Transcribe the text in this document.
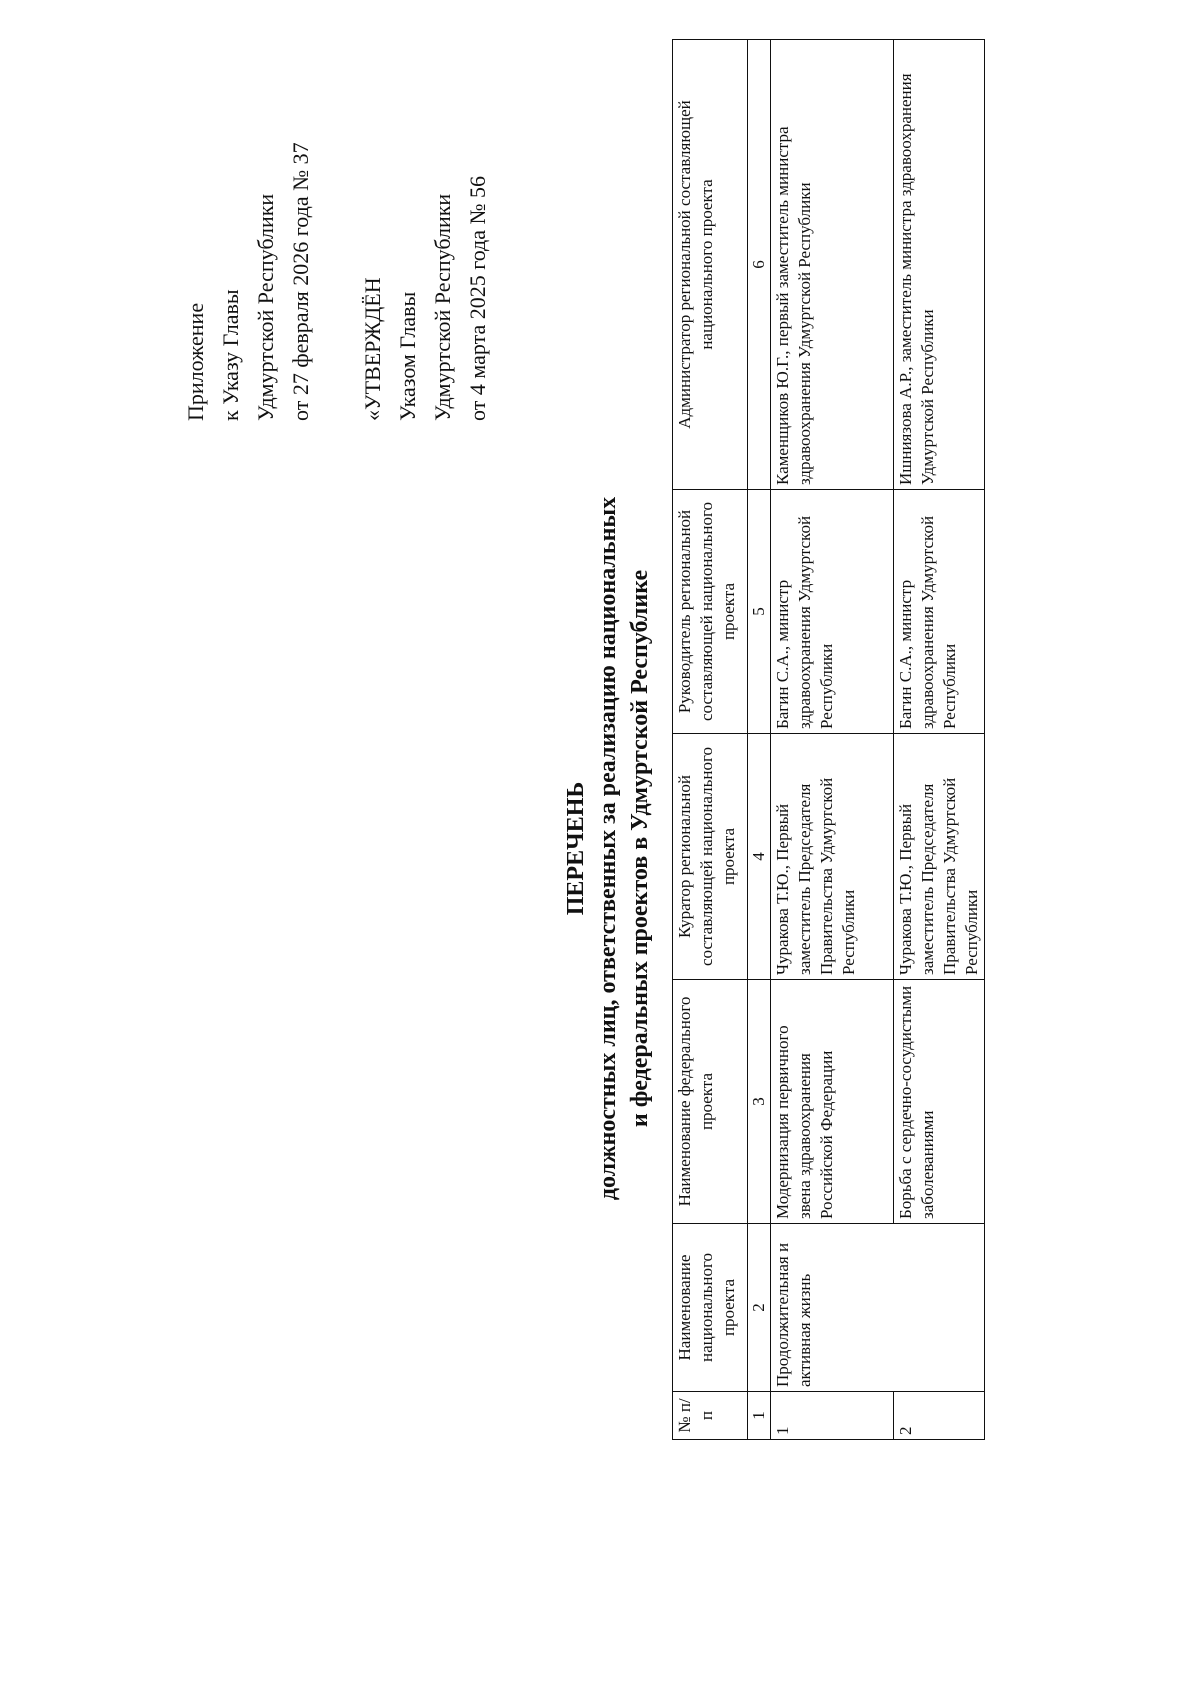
Приложение к Указу Главы Удмуртской Республики от 27 февраля 2026 года № 37 «УТВЕРЖДЁН Указом Главы Удмуртской Республики от 4 марта 2025 года № 56
ПЕРЕЧЕНЬ должностных лиц, ответственных за реализацию национальных и федеральных проектов в Удмуртской Республике
№ п/ п	Наименование национального проекта	Наименование федерального проекта	Куратор региональной составляющей национального проекта	Руководитель региональной составляющей национального проекта	Администратор региональной составляющей национального проекта
1	2	3	4	5	6
1	Продолжительная и активная жизнь	Модернизация первичного звена здравоохранения Российской Федерации	Чуракова Т.Ю., Первый заместитель Председателя Правительства Удмуртской Республики	Багин С.А., министр здравоохранения Удмуртской Республики	Каменщиков Ю.Г., первый заместитель министра здравоохранения Удмуртской Республики
2		Борьба с сердечно-сосудистыми заболеваниями	Чуракова Т.Ю., Первый заместитель Председателя Правительства Удмуртской Республики	Багин С.А., министр здравоохранения Удмуртской Республики	Ишниязова А.Р., заместитель министра здравоохранения Удмуртской Республики
